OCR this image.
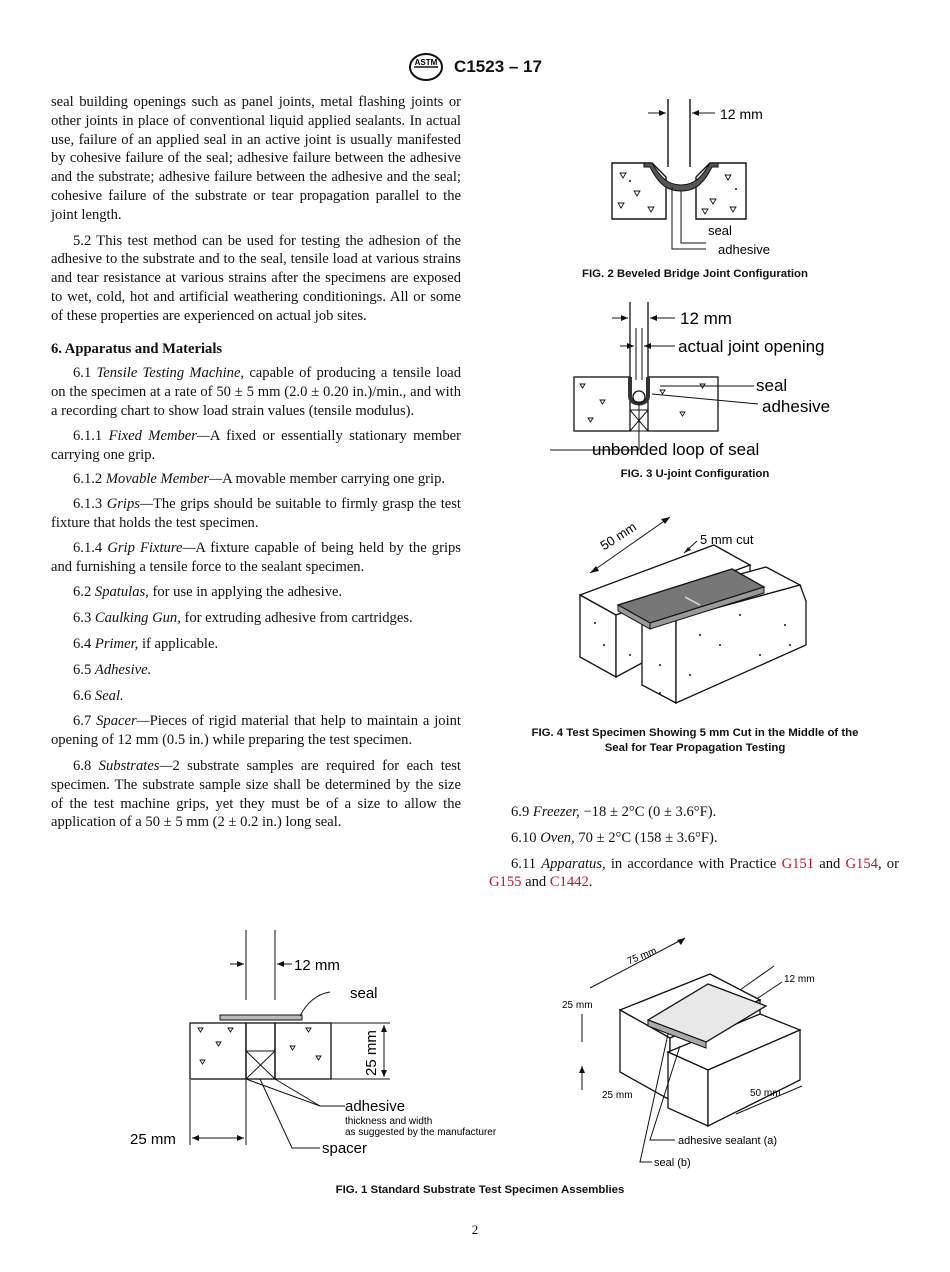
ASTM C1523 – 17

seal building openings such as panel joints, metal flashing joints or other joints in place of conventional liquid applied sealants. In actual use, failure of an applied seal in an active joint is usually manifested by cohesive failure of the seal; adhesive failure between the adhesive and the substrate; adhesive failure between the adhesive and the seal; cohesive failure of the substrate or tear propagation parallel to the joint length.

5.2 This test method can be used for testing the adhesion of the adhesive to the substrate and to the seal, tensile load at various strains and tear resistance at various strains after the specimens are exposed to wet, cold, hot and artificial weathering conditionings. All or some of these properties are experienced on actual job sites.

6. Apparatus and Materials

6.1 Tensile Testing Machine, capable of producing a tensile load on the specimen at a rate of 50 ± 5 mm (2.0 ± 0.20 in.)/min., and with a recording chart to show load strain values (tensile modulus).

6.1.1 Fixed Member—A fixed or essentially stationary member carrying one grip.

6.1.2 Movable Member—A movable member carrying one grip.

6.1.3 Grips—The grips should be suitable to firmly grasp the test fixture that holds the test specimen.

6.1.4 Grip Fixture—A fixture capable of being held by the grips and furnishing a tensile force to the sealant specimen.

6.2 Spatulas, for use in applying the adhesive.

6.3 Caulking Gun, for extruding adhesive from cartridges.

6.4 Primer, if applicable.

6.5 Adhesive.

6.6 Seal.

6.7 Spacer—Pieces of rigid material that help to maintain a joint opening of 12 mm (0.5 in.) while preparing the test specimen.

6.8 Substrates—2 substrate samples are required for each test specimen. The substrate sample size shall be determined by the size of the test machine grips, yet they must be of a size to allow the application of a 50 ± 5 mm (2 ± 0.2 in.) long seal.

6.9 Freezer, −18 ± 2°C (0 ± 3.6°F).

6.10 Oven, 70 ± 2°C (158 ± 3.6°F).

6.11 Apparatus, in accordance with Practice G151 and G154, or G155 and C1442.

12 mm
seal
adhesive
FIG. 2 Beveled Bridge Joint Configuration
12 mm
actual joint opening
seal
adhesive
unbonded loop of seal
FIG. 3 U-joint Configuration
50 mm	5 mm cut
FIG. 4 Test Specimen Showing 5 mm Cut in the Middle of the
Seal for Tear Propagation Testing
12 mm
seal
25 mm
adhesive
thickness and width
as suggested by the manufacturer
25 mm
spacer
75 mm
12 mm
25 mm
25 mm	50 mm
adhesive sealant (a)
seal (b)
FIG. 1 Standard Substrate Test Specimen Assemblies
2
